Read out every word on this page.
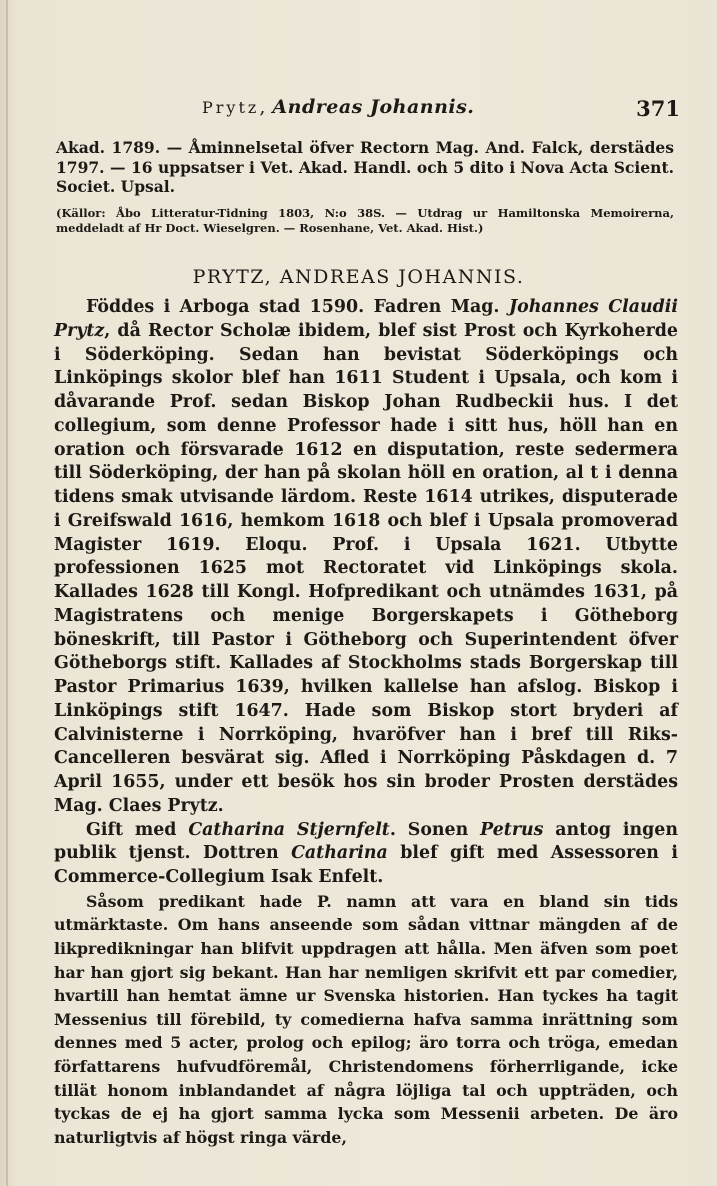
Prytz, Andreas Johannis.	371
Akad. 1789. — Åminnelsetal öfver Rectorn Mag. And. Falck, derstädes 1797. — 16 uppsatser i Vet. Akad. Handl. och 5 dito i Nova Acta Scient. Societ. Upsal.
(Källor: Åbo Litteratur-Tidning 1803, N:o 38S. — Utdrag ur Hamiltonska Memoirerna, meddeladt af Hr Doct. Wieselgren. — Rosenhane, Vet. Akad. Hist.)
PRYTZ, ANDREAS JOHANNIS.

Föddes i Arboga stad 1590. Fadren Mag. Johannes Claudii Prytz, då Rector Scholæ ibidem, blef sist Prost och Kyrkoherde i Söderköping. Sedan han bevistat Söderköpings och Linköpings skolor blef han 1611 Student i Upsala, och kom i dåvarande Prof. sedan Biskop Johan Rudbeckii hus. I det collegium, som denne Professor hade i sitt hus, höll han en oration och försvarade 1612 en disputation, reste sedermera till Söderköping, der han på skolan höll en oration, al t i denna tidens smak utvisande lärdom. Reste 1614 utrikes, disputerade i Greifswald 1616, hemkom 1618 och blef i Upsala promoverad Magister 1619. Eloqu. Prof. i Upsala 1621. Utbytte professionen 1625 mot Rectoratet vid Linköpings skola. Kallades 1628 till Kongl. Hofpredikant och utnämdes 1631, på Magistratens och menige Borgerskapets i Götheborg böneskrift, till Pastor i Götheborg och Superintendent öfver Götheborgs stift. Kallades af Stockholms stads Borgerskap till Pastor Primarius 1639, hvilken kallelse han afslog. Biskop i Linköpings stift 1647. Hade som Biskop stort bryderi af Calvinisterne i Norrköping, hvaröfver han i bref till Riks-Cancelleren besvärat sig. Afled i Norrköping Påskdagen d. 7 April 1655, under ett besök hos sin broder Prosten derstädes Mag. Claes Prytz.

Gift med Catharina Stjernfelt. Sonen Petrus antog ingen publik tjenst. Dottren Catharina blef gift med Assessoren i Commerce-Collegium Isak Enfelt.

Såsom predikant hade P. namn att vara en bland sin tids utmärktaste. Om hans anseende som sådan vittnar mängden af de likpredikningar han blifvit uppdragen att hålla. Men äfven som poet har han gjort sig bekant. Han har nemligen skrifvit ett par comedier, hvartill han hemtat ämne ur Svenska historien. Han tyckes ha tagit Messenius till förebild, ty comedierna hafva samma inrättning som dennes med 5 acter, prolog och epilog; äro torra och tröga, emedan författarens hufvudföremål, Christendomens förherrligande, icke tillät honom inblandandet af några löjliga tal och uppträden, och tyckas de ej ha gjort samma lycka som Messenii arbeten. De äro naturligtvis af högst ringa värde,
